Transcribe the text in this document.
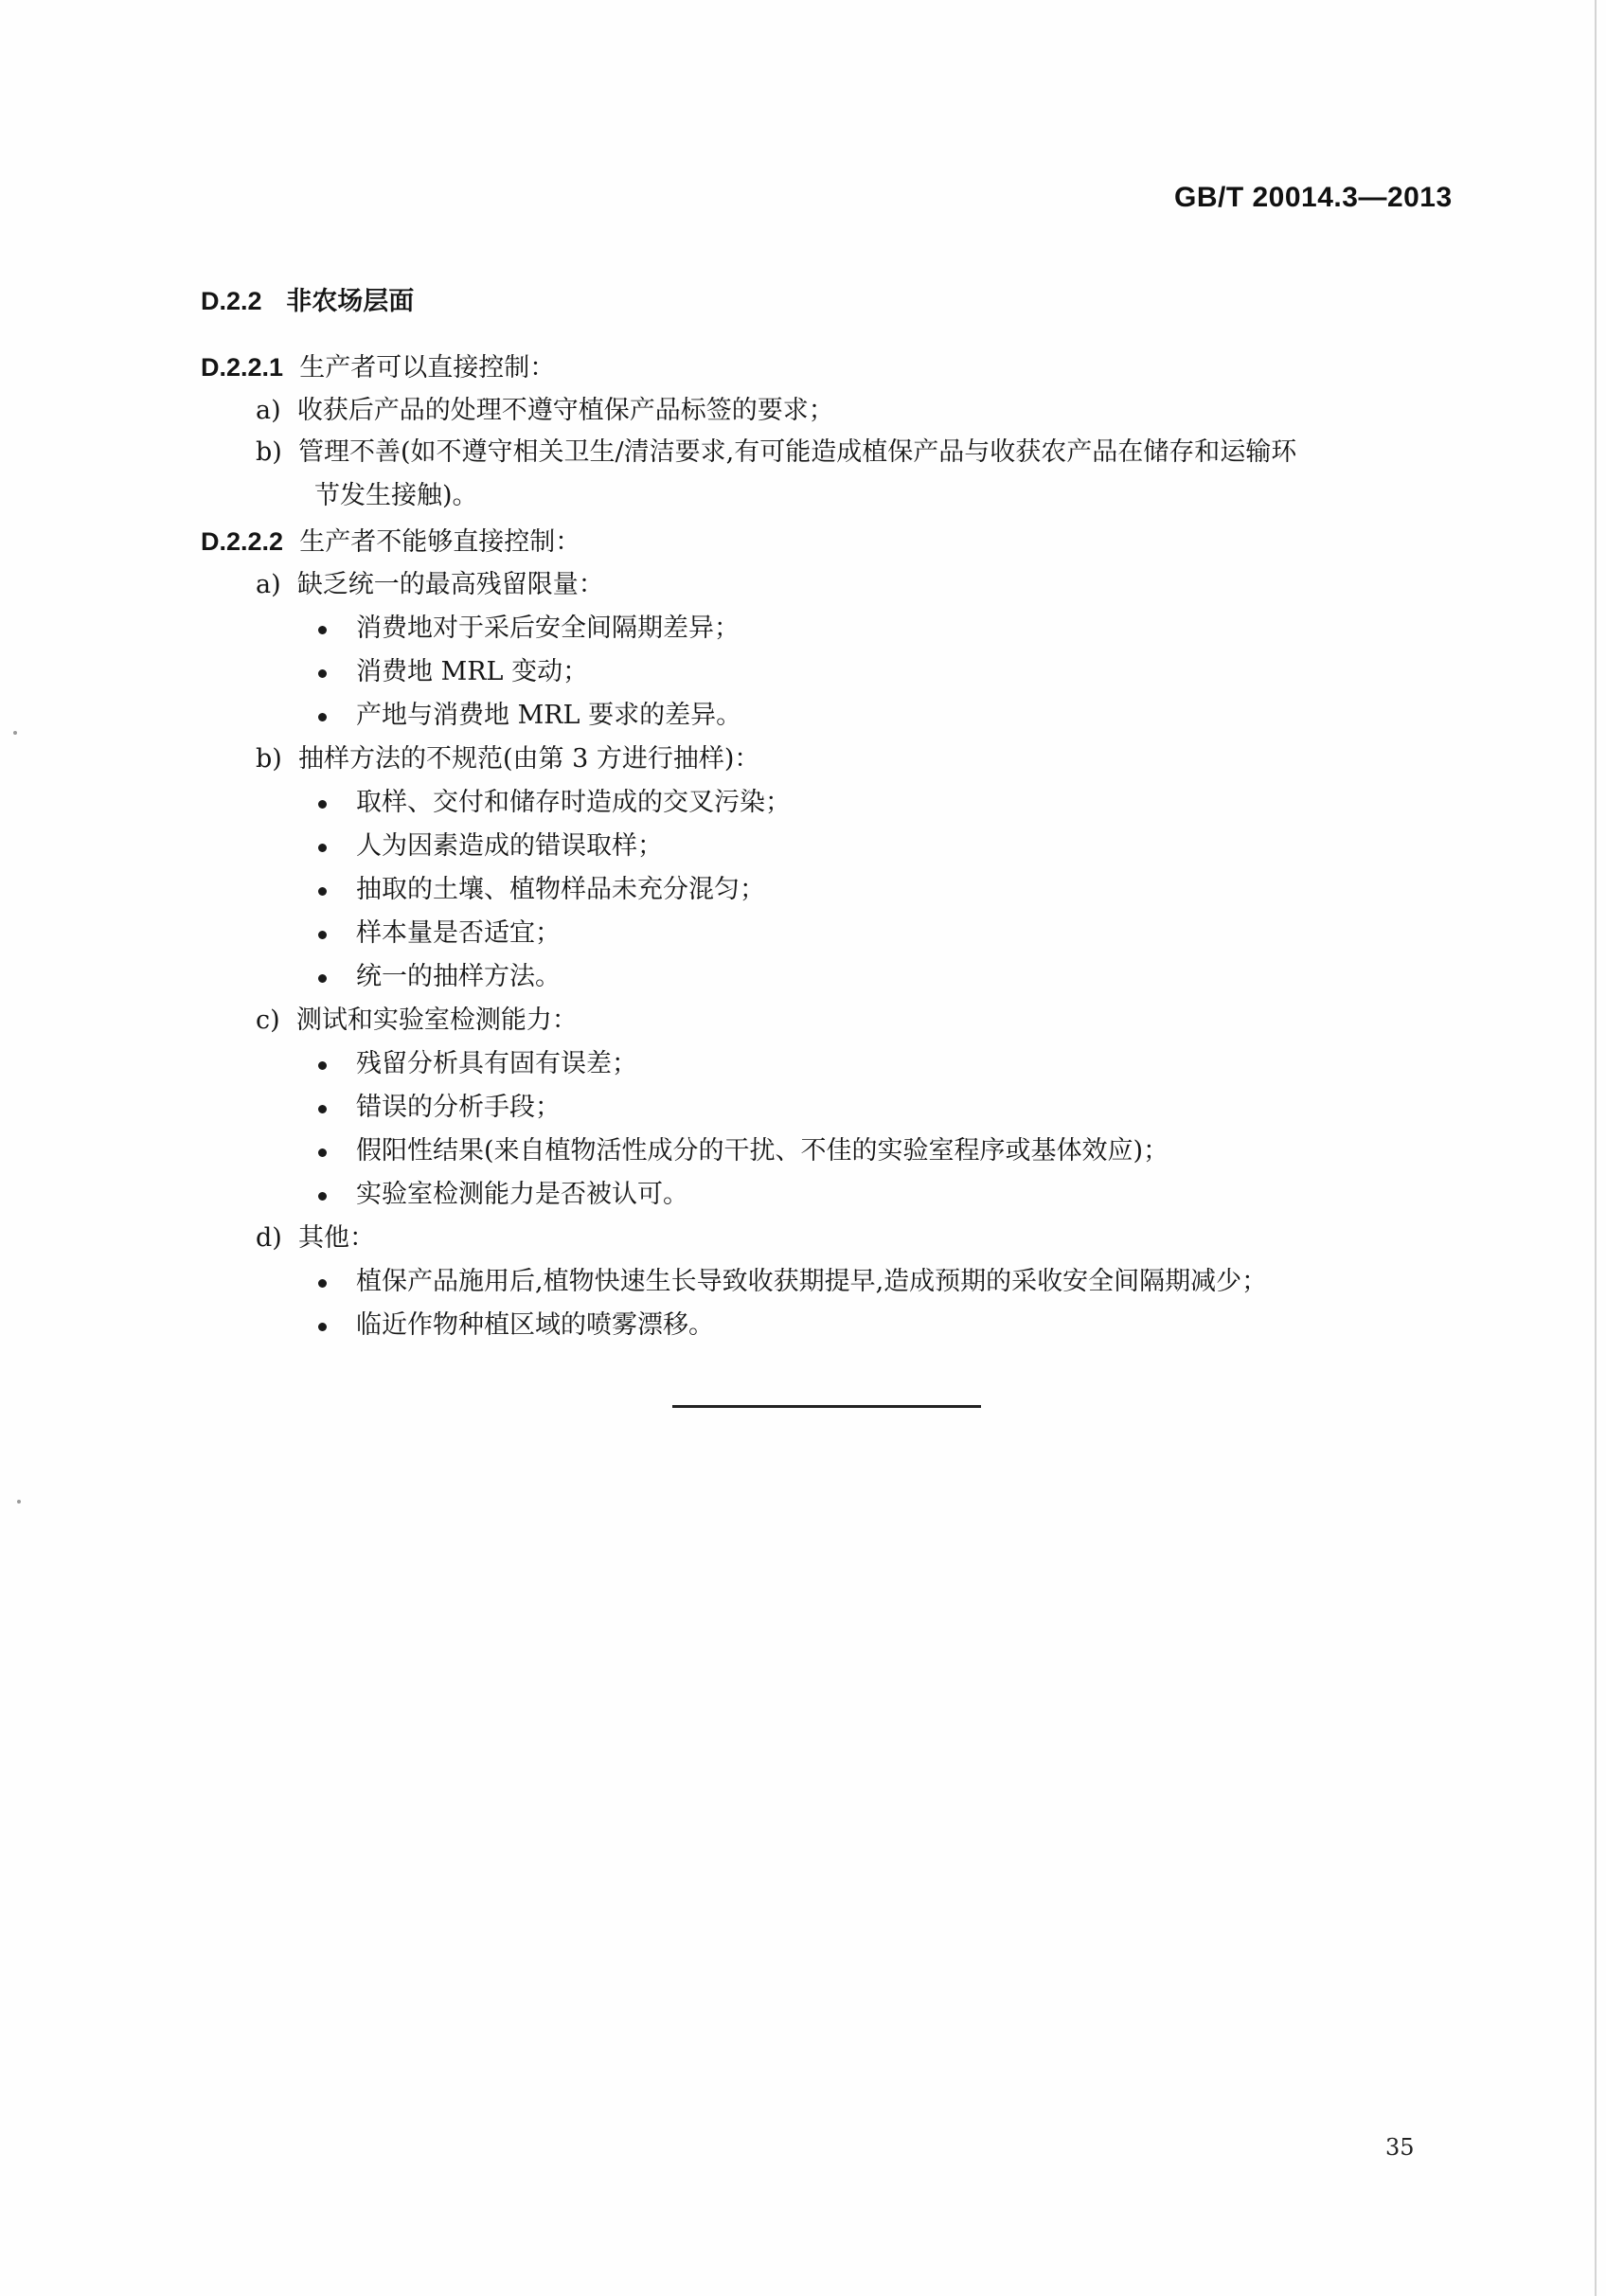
GB/T 20014.3—2013
D.2.2 非农场层面
D.2.2.1 生产者可以直接控制：
a) 收获后产品的处理不遵守植保产品标签的要求；
b) 管理不善(如不遵守相关卫生/清洁要求,有可能造成植保产品与收获农产品在储存和运输环
节发生接触)。
D.2.2.2 生产者不能够直接控制：
a) 缺乏统一的最高残留限量：
消费地对于采后安全间隔期差异；
消费地 MRL 变动；
产地与消费地 MRL 要求的差异。
b) 抽样方法的不规范(由第 3 方进行抽样)：
取样、交付和储存时造成的交叉污染；
人为因素造成的错误取样；
抽取的土壤、植物样品未充分混匀；
样本量是否适宜；
统一的抽样方法。
c) 测试和实验室检测能力：
残留分析具有固有误差；
错误的分析手段；
假阳性结果(来自植物活性成分的干扰、不佳的实验室程序或基体效应)；
实验室检测能力是否被认可。
d) 其他：
植保产品施用后,植物快速生长导致收获期提早,造成预期的采收安全间隔期减少；
临近作物种植区域的喷雾漂移。
35
